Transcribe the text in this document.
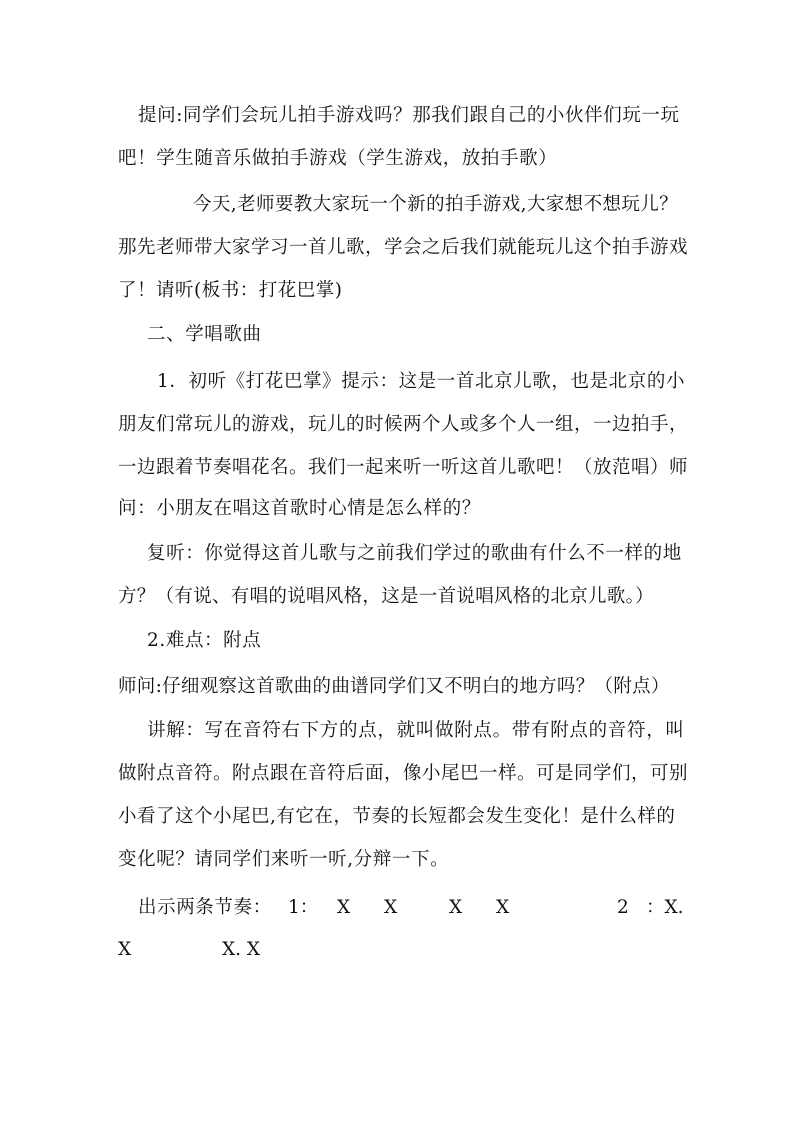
提问:同学们会玩儿拍手游戏吗？那我们跟自己的小伙伴们玩一玩
吧！学生随音乐做拍手游戏（学生游戏，放拍手歌）
今天,老师要教大家玩一个新的拍手游戏,大家想不想玩儿？
那先老师带大家学习一首儿歌，学会之后我们就能玩儿这个拍手游戏
了！请听(板书：打花巴掌)
二、学唱歌曲
1．初听《打花巴掌》提示：这是一首北京儿歌，也是北京的小
朋友们常玩儿的游戏，玩儿的时候两个人或多个人一组，一边拍手，
一边跟着节奏唱花名。我们一起来听一听这首儿歌吧！（放范唱）师
问：小朋友在唱这首歌时心情是怎么样的？
复听：你觉得这首儿歌与之前我们学过的歌曲有什么不一样的地
方？（有说、有唱的说唱风格，这是一首说唱风格的北京儿歌。）
2.难点：附点
师问:仔细观察这首歌曲的曲谱同学们又不明白的地方吗？（附点）
讲解：写在音符右下方的点，就叫做附点。带有附点的音符，叫
做附点音符。附点跟在音符后面，像小尾巴一样。可是同学们，可别
小看了这个小尾巴,有它在，节奏的长短都会发生变化！是什么样的
变化呢？请同学们来听一听,分辩一下。
出示两条节奏： 1： X X	X X	2 ：X.
X	X. X
